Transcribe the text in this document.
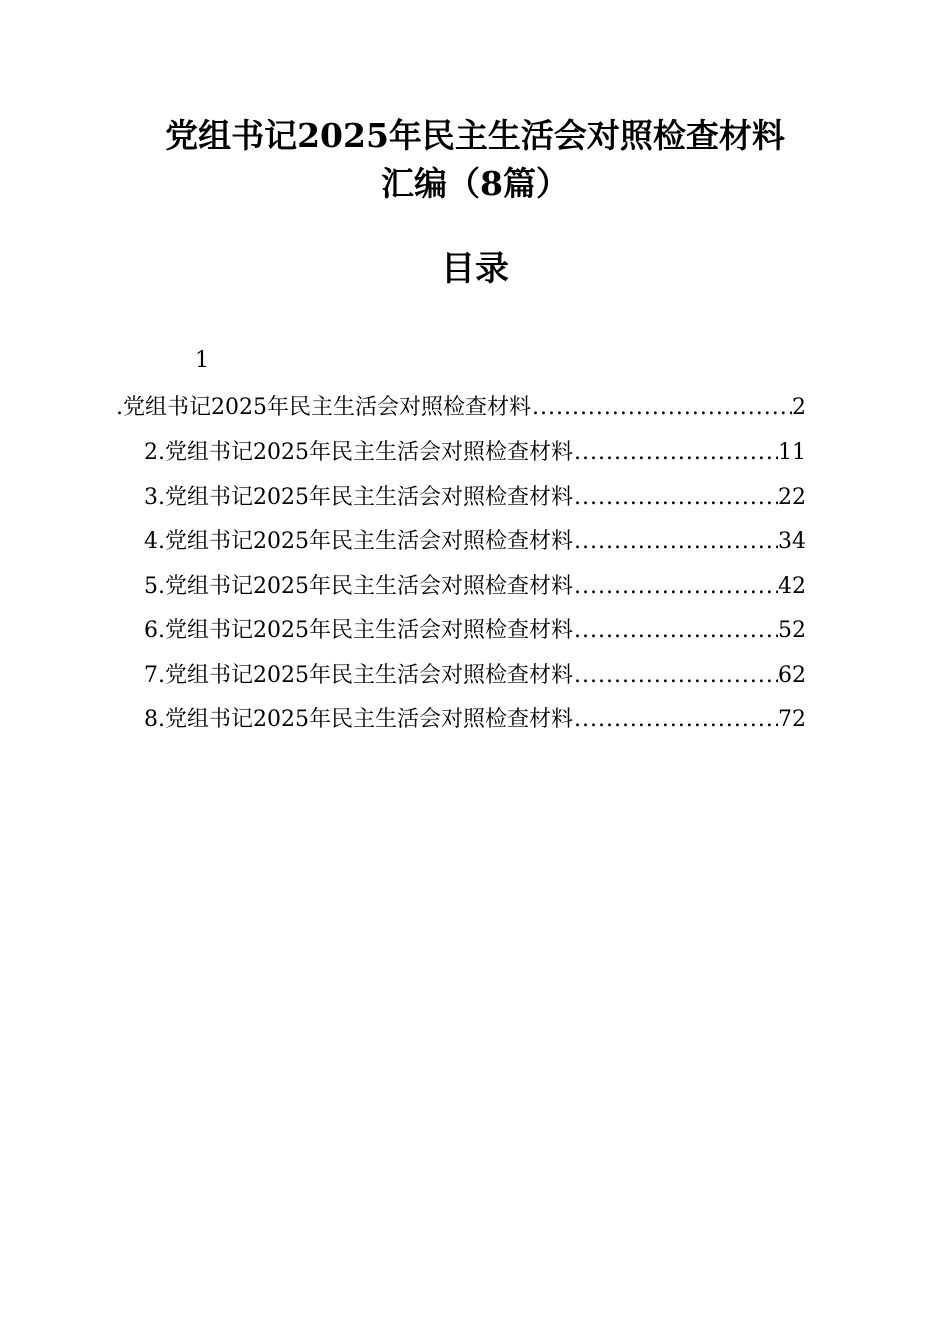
党组书记2025年民主生活会对照检查材料
汇编（8篇）
目录
1
.党组书记2025年民主生活会对照检查材料 .....	2
2.党组书记2025年民主生活会对照检查材料 .....	11
3.党组书记2025年民主生活会对照检查材料 .....	22
4.党组书记2025年民主生活会对照检查材料 .....	34
5.党组书记2025年民主生活会对照检查材料 .....	42
6.党组书记2025年民主生活会对照检查材料 .....	52
7.党组书记2025年民主生活会对照检查材料 .....	62
8.党组书记2025年民主生活会对照检查材料 .....	72
